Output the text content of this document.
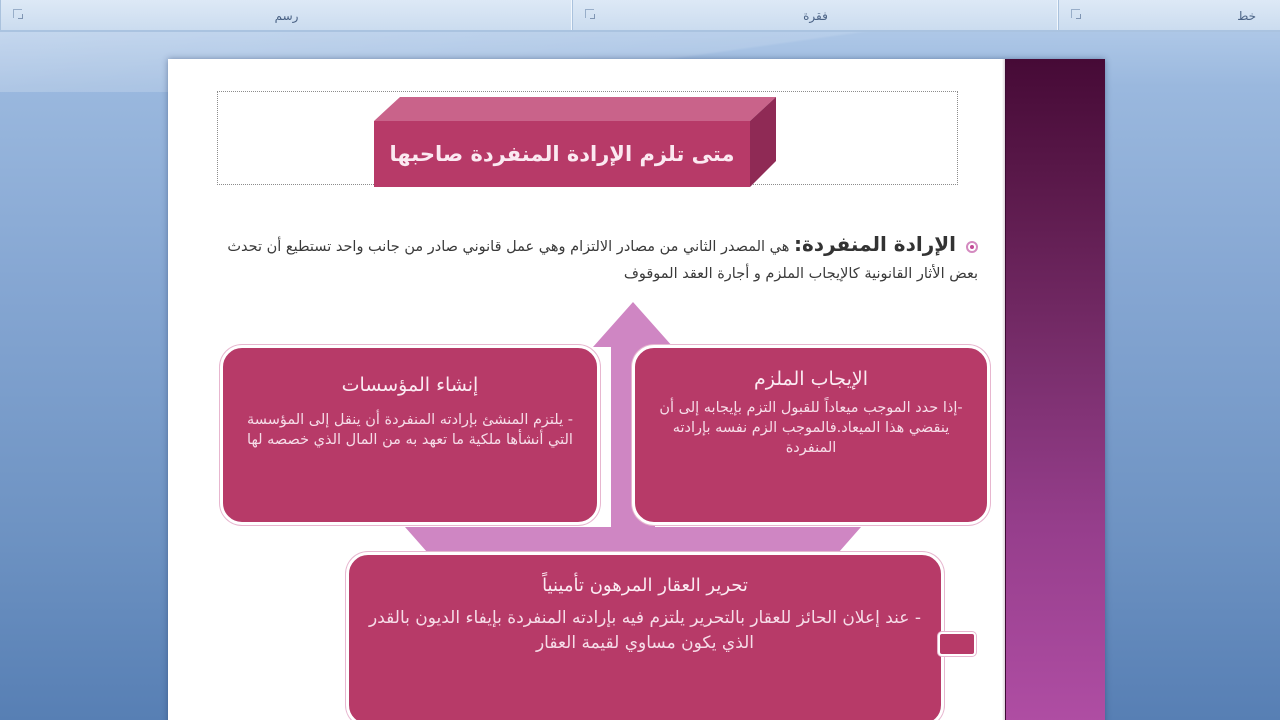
خط
فقرة
رسم
متى تلزم الإرادة المنفردة صاحبها
الإرادة المنفردة: هي المصدر الثاني من مصادر الالتزام وهي عمل قانوني صادر من جانب واحد تستطيع أن تحدث بعض الأثار القانونية كالإيجاب الملزم و أجارة العقد الموقوف
الإيجاب الملزم
-إذا حدد الموجب ميعاداً للقبول التزم بإيجابه إلى أن ينقضي هذا الميعاد.فالموجب الزم نفسه بإرادته المنفردة
إنشاء المؤسسات
- يلتزم المنشئ بإرادته المنفردة أن ينقل إلى المؤسسة التي أنشأها ملكية ما تعهد به من المال الذي خصصه لها
تحرير العقار المرهون تأمينياً
- عند إعلان الحائز للعقار بالتحرير يلتزم فيه بإرادته المنفردة بإيفاء الديون بالقدر الذي يكون مساوي لقيمة العقار
